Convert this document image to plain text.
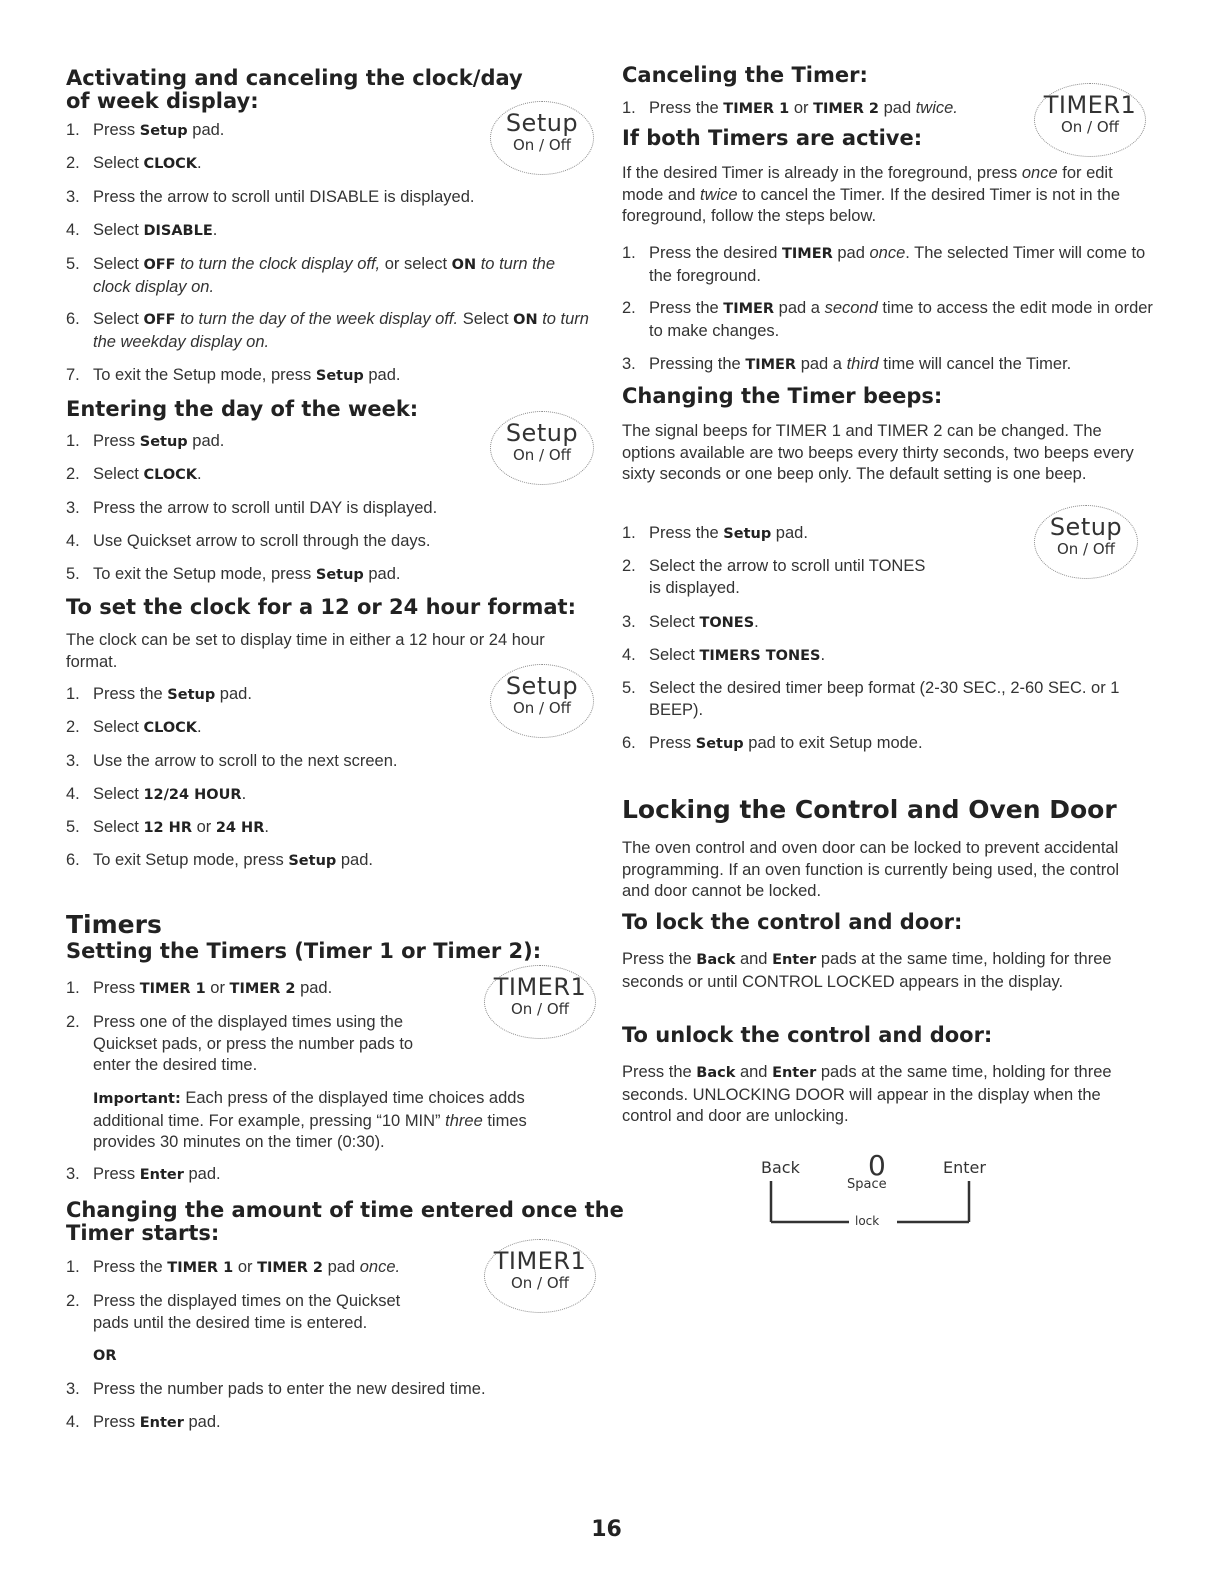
Activating and canceling the clock/day
of week display:
Entering the day of the week:
To set the clock for a 12 or 24 hour format:
The clock can be set to display time in either a 12 hour or 24 hour format.
Timers
Setting the Timers (Timer 1 or Timer 2):
Important: Each press of the displayed time choices adds additional time. For example, pressing “10 MIN” three times provides 30 minutes on the timer (0:30).
Changing the amount of time entered once the
Timer starts:
OR
Setup
On / Off
Setup
On / Off
Setup
On / Off
TIMER1
On / Off
TIMER1
On / Off
1. Press Setup pad.
2. Select CLOCK.
3. Press the arrow to scroll until DISABLE is displayed.
4. Select DISABLE.
5. Select OFF to turn the clock display off, or select ON to turn the clock display on.
6. Select OFF to turn the day of the week display off. Select ON to turn the weekday display on.
7. To exit the Setup mode, press Setup pad.
1. Press Setup pad.
2. Select CLOCK.
3. Press the arrow to scroll until DAY is displayed.
4. Use Quickset arrow to scroll through the days.
5. To exit the Setup mode, press Setup pad.
1. Press the Setup pad.
2. Select CLOCK.
3. Use the arrow to scroll to the next screen.
4. Select 12/24 HOUR.
5. Select 12 HR or 24 HR.
6. To exit Setup mode, press Setup pad.
1. Press TIMER 1 or TIMER 2 pad.
2. Press one of the displayed times using the
Quickset pads, or press the number pads to
enter the desired time.
1. Press the TIMER 1 or TIMER 2 pad once.
2. Press the displayed times on the Quickset
pads until the desired time is entered.
3. Press the number pads to enter the new desired time.
4. Press Enter pad.
3. Press Enter pad.
Canceling the Timer:
If both Timers are active:
If the desired Timer is already in the foreground, press once for edit mode and twice to cancel the Timer. If the desired Timer is not in the foreground, follow the steps below.
Changing the Timer beeps:
The signal beeps for TIMER 1 and TIMER 2 can be changed. The options available are two beeps every thirty seconds, two beeps every sixty seconds or one beep only. The default setting is one beep.
Locking the Control and Oven Door
The oven control and oven door can be locked to prevent accidental programming. If an oven function is currently being used, the control and door cannot be locked.
To lock the control and door:
Press the Back and Enter pads at the same time, holding for three seconds or until CONTROL LOCKED appears in the display.
To unlock the control and door:
Press the Back and Enter pads at the same time, holding for three seconds. UNLOCKING DOOR will appear in the display when the control and door are unlocking.
TIMER1
On / Off
Setup
On / Off
1. Press the desired TIMER pad once. The selected Timer will come to the foreground.
2. Press the TIMER pad a second time to access the edit mode in order to make changes.
3. Pressing the TIMER pad a third time will cancel the Timer.
1. Press the Setup pad.
2. Select the arrow to scroll until TONES
is displayed.
3. Select TONES.
4. Select TIMERS TONES.
5. Select the desired timer beep format (2-30 SEC., 2-60 SEC. or 1 BEEP).
6. Press Setup pad to exit Setup mode.
1. Press the TIMER 1 or TIMER 2 pad twice.
Back 0
Space
Enter
lock
16
